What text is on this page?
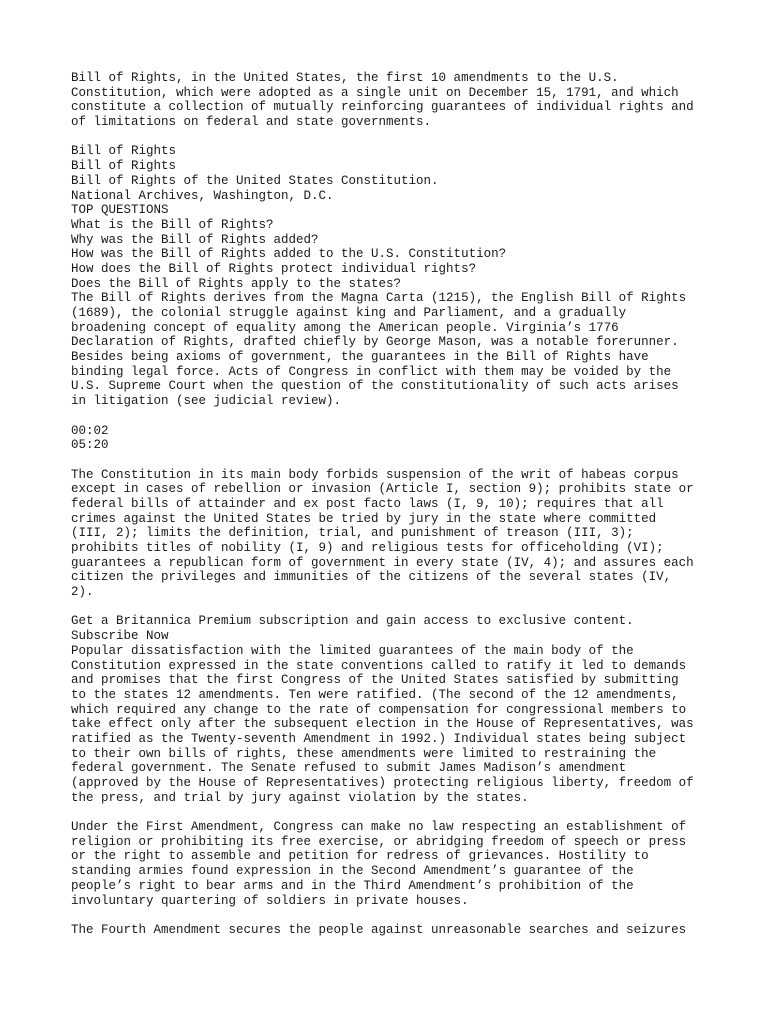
Bill of Rights, in the United States, the first 10 amendments to the U.S.
Constitution, which were adopted as a single unit on December 15, 1791, and which
constitute a collection of mutually reinforcing guarantees of individual rights and
of limitations on federal and state governments.
Bill of Rights
Bill of Rights
Bill of Rights of the United States Constitution.
National Archives, Washington, D.C.
TOP QUESTIONS
What is the Bill of Rights?
Why was the Bill of Rights added?
How was the Bill of Rights added to the U.S. Constitution?
How does the Bill of Rights protect individual rights?
Does the Bill of Rights apply to the states?
The Bill of Rights derives from the Magna Carta (1215), the English Bill of Rights
(1689), the colonial struggle against king and Parliament, and a gradually
broadening concept of equality among the American people. Virginia’s 1776
Declaration of Rights, drafted chiefly by George Mason, was a notable forerunner.
Besides being axioms of government, the guarantees in the Bill of Rights have
binding legal force. Acts of Congress in conflict with them may be voided by the
U.S. Supreme Court when the question of the constitutionality of such acts arises
in litigation (see judicial review).
00:02
05:20
The Constitution in its main body forbids suspension of the writ of habeas corpus
except in cases of rebellion or invasion (Article I, section 9); prohibits state or
federal bills of attainder and ex post facto laws (I, 9, 10); requires that all
crimes against the United States be tried by jury in the state where committed
(III, 2); limits the definition, trial, and punishment of treason (III, 3);
prohibits titles of nobility (I, 9) and religious tests for officeholding (VI);
guarantees a republican form of government in every state (IV, 4); and assures each
citizen the privileges and immunities of the citizens of the several states (IV,
2).
Get a Britannica Premium subscription and gain access to exclusive content.
Subscribe Now
Popular dissatisfaction with the limited guarantees of the main body of the
Constitution expressed in the state conventions called to ratify it led to demands
and promises that the first Congress of the United States satisfied by submitting
to the states 12 amendments. Ten were ratified. (The second of the 12 amendments,
which required any change to the rate of compensation for congressional members to
take effect only after the subsequent election in the House of Representatives, was
ratified as the Twenty-seventh Amendment in 1992.) Individual states being subject
to their own bills of rights, these amendments were limited to restraining the
federal government. The Senate refused to submit James Madison’s amendment
(approved by the House of Representatives) protecting religious liberty, freedom of
the press, and trial by jury against violation by the states.
Under the First Amendment, Congress can make no law respecting an establishment of
religion or prohibiting its free exercise, or abridging freedom of speech or press
or the right to assemble and petition for redress of grievances. Hostility to
standing armies found expression in the Second Amendment’s guarantee of the
people’s right to bear arms and in the Third Amendment’s prohibition of the
involuntary quartering of soldiers in private houses.
The Fourth Amendment secures the people against unreasonable searches and seizures
